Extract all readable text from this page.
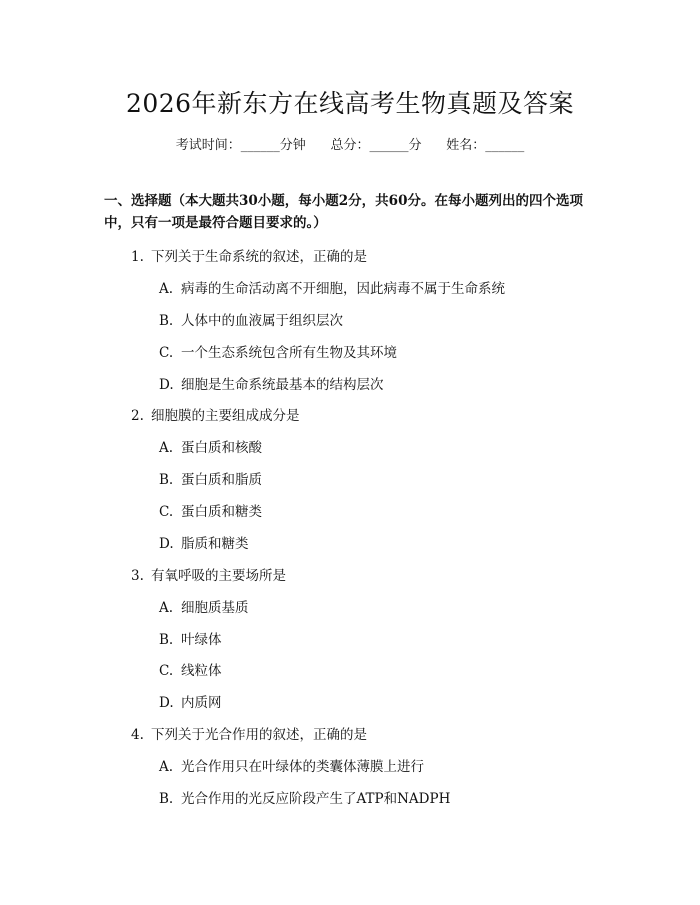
2026年新东方在线高考生物真题及答案
考试时间：______分钟      总分：______分      姓名：______
一、选择题（本大题共30小题，每小题2分，共60分。在每小题列出的四个选项中，只有一项是最符合题目要求的。）
1. 下列关于生命系统的叙述，正确的是
A. 病毒的生命活动离不开细胞，因此病毒不属于生命系统
B. 人体中的血液属于组织层次
C. 一个生态系统包含所有生物及其环境
D. 细胞是生命系统最基本的结构层次
2. 细胞膜的主要组成成分是
A. 蛋白质和核酸
B. 蛋白质和脂质
C. 蛋白质和糖类
D. 脂质和糖类
3. 有氧呼吸的主要场所是
A. 细胞质基质
B. 叶绿体
C. 线粒体
D. 内质网
4. 下列关于光合作用的叙述，正确的是
A. 光合作用只在叶绿体的类囊体薄膜上进行
B. 光合作用的光反应阶段产生了ATP和NADPH
